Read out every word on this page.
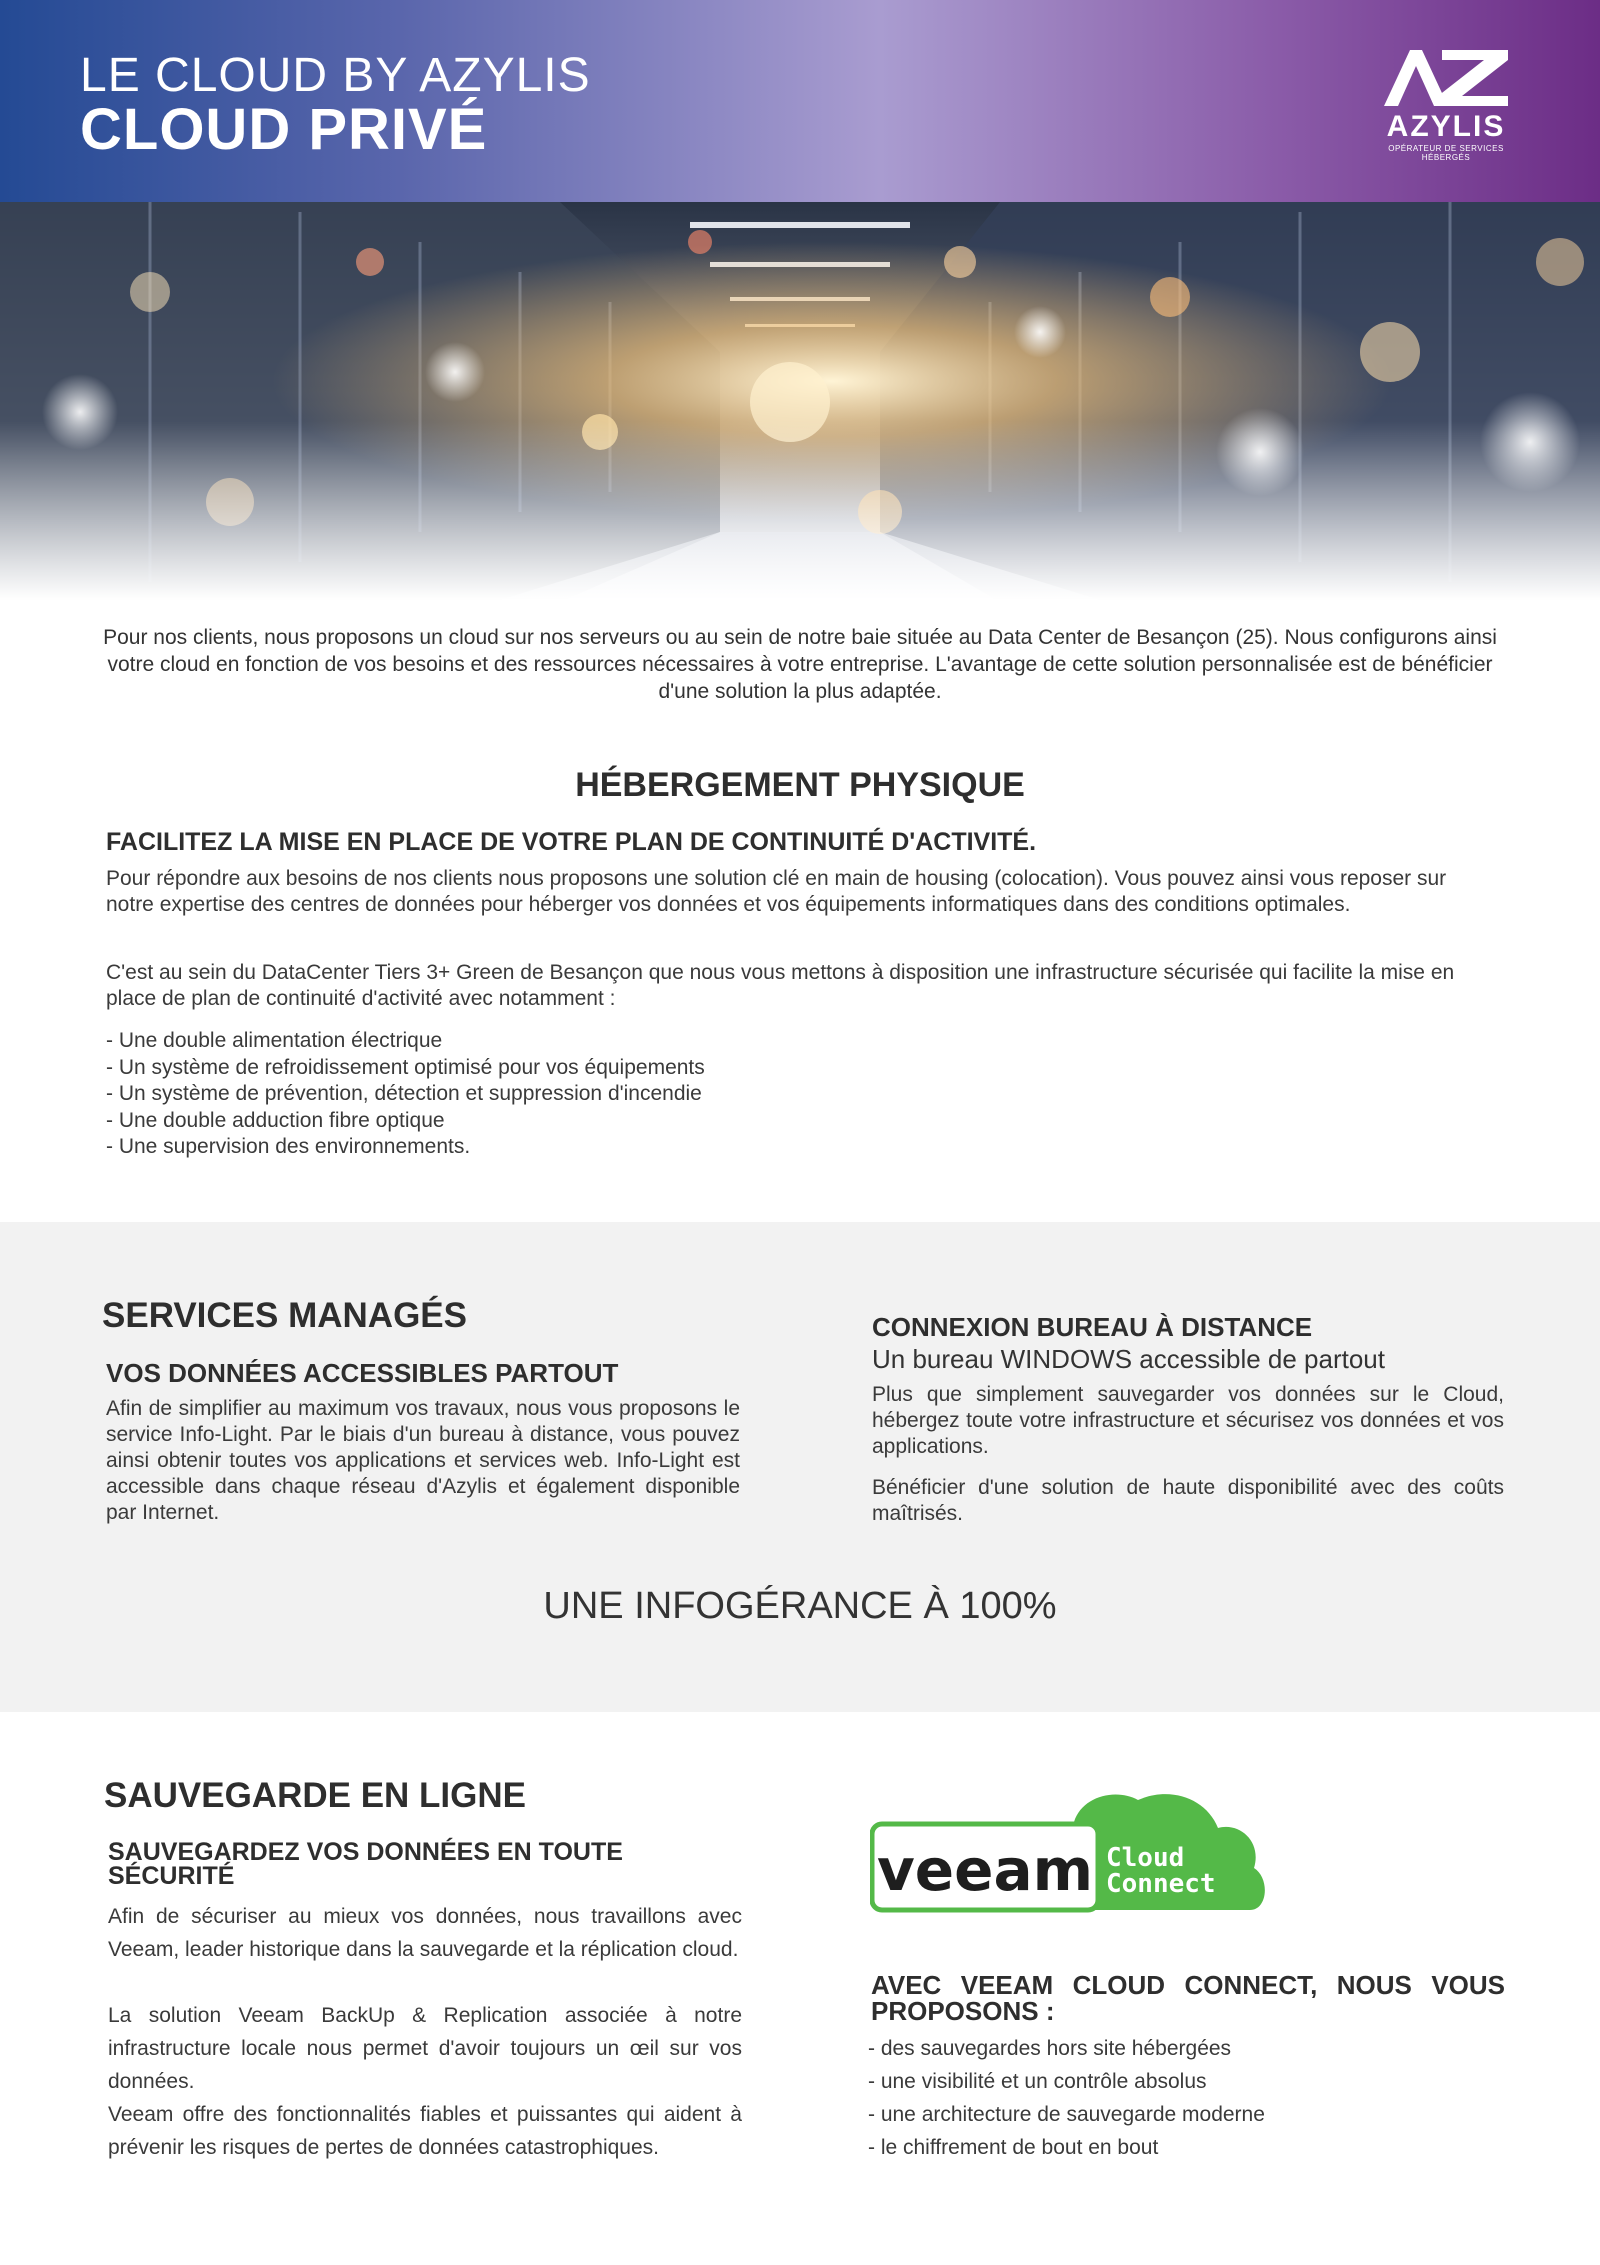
LE CLOUD BY AZYLIS
CLOUD PRIVÉ	AZYLIS
OPÉRATEUR DE SERVICES HÉBERGÉS
Pour nos clients, nous proposons un cloud sur nos serveurs ou au sein de notre baie située au Data Center de Besançon (25). Nous configurons ainsi votre cloud en fonction de vos besoins et des ressources nécessaires à votre entreprise. L'avantage de cette solution personnalisée est de bénéficier d'une solution la plus adaptée.
HÉBERGEMENT PHYSIQUE
FACILITEZ LA MISE EN PLACE DE VOTRE PLAN DE CONTINUITÉ D'ACTIVITÉ.
Pour répondre aux besoins de nos clients nous proposons une solution clé en main de housing (colocation). Vous pouvez ainsi vous reposer sur notre expertise des centres de données pour héberger vos données et vos équipements informatiques dans des conditions optimales.
C'est au sein du DataCenter Tiers 3+ Green de Besançon que nous vous mettons à disposition une infrastructure sécurisée qui facilite la mise en place de plan de continuité d'activité avec notamment :
- Une double alimentation électrique
- Un système de refroidissement optimisé pour vos équipements
- Un système de prévention, détection et suppression d'incendie
- Une double adduction fibre optique
- Une supervision des environnements.
SERVICES MANAGÉS
VOS DONNÉES ACCESSIBLES PARTOUT
Afin de simplifier au maximum vos travaux, nous vous proposons le service Info-Light. Par le biais d'un bureau à distance, vous pouvez ainsi obtenir toutes vos applications et services web. Info-Light est accessible dans chaque réseau d'Azylis et également disponible par Internet.
CONNEXION BUREAU À DISTANCE
Un bureau WINDOWS accessible de partout
Plus que simplement sauvegarder vos données sur le Cloud, hébergez toute votre infrastructure et sécurisez vos données et vos applications.
Bénéficier d'une solution de haute disponibilité avec des coûts maîtrisés.
UNE INFOGÉRANCE À 100%
SAUVEGARDE EN LIGNE
SAUVEGARDEZ VOS DONNÉES EN TOUTE SÉCURITÉ
Afin de sécuriser au mieux vos données, nous travaillons avec Veeam, leader historique dans la sauvegarde et la réplication cloud.
La solution Veeam BackUp & Replication associée à notre infrastructure locale nous permet d'avoir toujours un œil sur vos données.
Veeam offre des fonctionnalités fiables et puissantes qui aident à prévenir les risques de pertes de données catastrophiques.
veeam Cloud
Connect
AVEC VEEAM CLOUD CONNECT, NOUS VOUS PROPOSONS :
- des sauvegardes hors site hébergées
- une visibilité et un contrôle absolus
- une architecture de sauvegarde moderne
- le chiffrement de bout en bout
